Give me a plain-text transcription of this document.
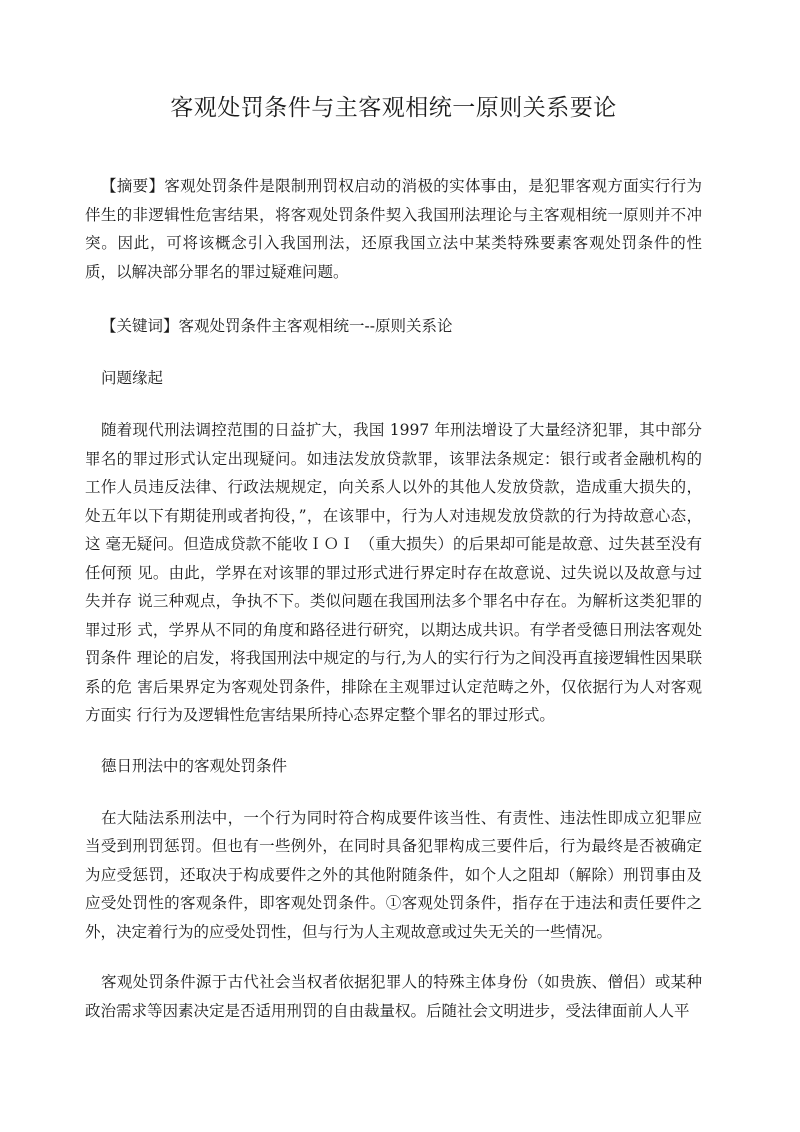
客观处罚条件与主客观相统一原则关系要论

【摘要】客观处罚条件是限制刑罚权启动的消极的实体事由，是犯罪客观方面实行行为 伴生的非逻辑性危害结果，将客观处罚条件契入我国刑法理论与主客观相统一原则并不冲 突。因此，可将该概念引入我国刑法，还原我国立法中某类特殊要素客观处罚条件的性 质，以解决部分罪名的罪过疑难问题。

【关键词】客观处罚条件主客观相统一--原则关系论

问题缘起

随着现代刑法调控范围的日益扩大，我国 1997 年刑法增设了大量经济犯罪，其中部分 罪名的罪过形式认定出现疑问。如违法发放贷款罪，该罪法条规定：银行或者金融机构的 工作人员违反法律、行政法规规定，向关系人以外的其他人发放贷款，造成重大损失的， 处五年以下有期徒刑或者拘役，”，在该罪中，行为人对违规发放贷款的行为持故意心态，这 毫无疑问。但造成贷款不能收ＩＯＩ （重大损失）的后果却可能是故意、过失甚至没有任何预 见。由此，学界在对该罪的罪过形式进行界定时存在故意说、过失说以及故意与过失并存 说三种观点，争执不下。类似问题在我国刑法多个罪名中存在。为解析这类犯罪的罪过形 式，学界从不同的角度和路径进行研究，以期达成共识。有学者受德日刑法客观处罚条件 理论的启发，将我国刑法中规定的与行,为人的实行行为之间没再直接逻辑性因果联系的危 害后果界定为客观处罚条件，排除在主观罪过认定范畴之外，仅依据行为人对客观方面实 行行为及逻辑性危害结果所持心态界定整个罪名的罪过形式。

德日刑法中的客观处罚条件

在大陆法系刑法中，一个行为同时符合构成要件该当性、有责性、违法性即成立犯罪应 当受到刑罚惩罚。但也有一些例外，在同时具备犯罪构成三要件后，行为最终是否被确定 为应受惩罚，还取决于构成要件之外的其他附随条件，如个人之阻却（解除）刑罚事由及 应受处罚性的客观条件，即客观处罚条件。①客观处罚条件，指存在于违法和责任要件之 外，决定着行为的应受处罚性，但与行为人主观故意或过失无关的一些情况。

客观处罚条件源于古代社会当权者依据犯罪人的特殊主体身份（如贵族、僧侣）或某种 政治需求等因素决定是否适用刑罚的自由裁量权。后随社会文明进步，受法律面前人人平
